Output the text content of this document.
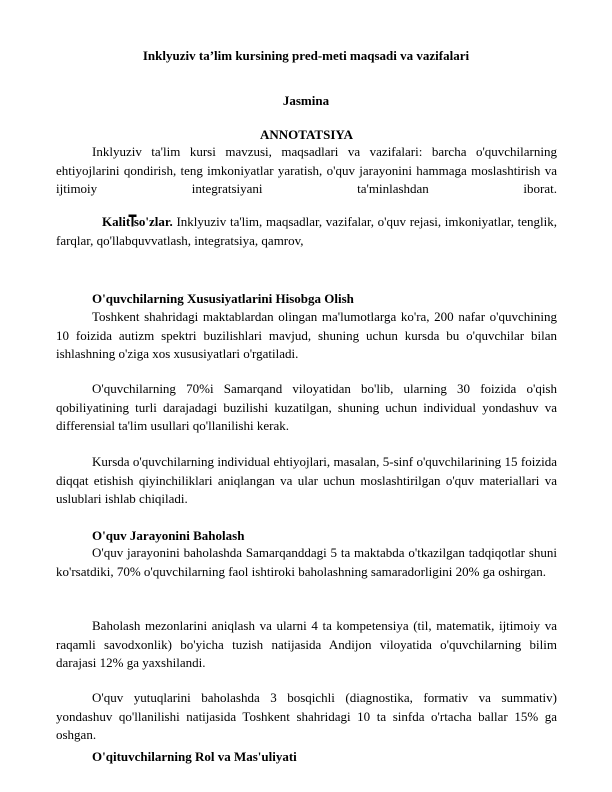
Inklyuziv ta’lim kursining pred-meti maqsadi va vazifalari
Jasmina
ANNOTATSIYA

Inklyuziv ta'lim kursi mavzusi, maqsadlari va vazifalari: barcha o'quvchilarning ehtiyojlarini qondirish, teng imkoniyatlar yaratish, o'quv jarayonini hammaga moslashtirish va ijtimoiy integratsiyani ta'minlashdan iborat.

Kalit so'zlar. Inklyuziv ta'lim, maqsadlar, vazifalar, o'quv rejasi, imkoniyatlar, tenglik, farqlar, qo'llabquvvatlash, integratsiya, qamrov,

O'quvchilarning Xususiyatlarini Hisobga Olish

Toshkent shahridagi maktablardan olingan ma'lumotlarga ko'ra, 200 nafar o'quvchining 10 foizida autizm spektri buzilishlari mavjud, shuning uchun kursda bu o'quvchilar bilan ishlashning o'ziga xos xususiyatlari o'rgatiladi.

O'quvchilarning 70%i Samarqand viloyatidan bo'lib, ularning 30 foizida o'qish qobiliyatining turli darajadagi buzilishi kuzatilgan, shuning uchun individual yondashuv va differensial ta'lim usullari qo'llanilishi kerak.

Kursda o'quvchilarning individual ehtiyojlari, masalan, 5-sinf o'quvchilarining 15 foizida diqqat etishish qiyinchiliklari aniqlangan va ular uchun moslashtirilgan o'quv materiallari va uslublari ishlab chiqiladi.

O'quv Jarayonini Baholash

O'quv jarayonini baholashda Samarqanddagi 5 ta maktabda o'tkazilgan tadqiqotlar shuni ko'rsatdiki, 70% o'quvchilarning faol ishtiroki baholashning samaradorligini 20% ga oshirgan.

Baholash mezonlarini aniqlash va ularni 4 ta kompetensiya (til, matematik, ijtimoiy va raqamli savodxonlik) bo'yicha tuzish natijasida Andijon viloyatida o'quvchilarning bilim darajasi 12% ga yaxshilandi.

O'quv yutuqlarini baholashda 3 bosqichli (diagnostika, formativ va summativ) yondashuv qo'llanilishi natijasida Toshkent shahridagi 10 ta sinfda o'rtacha ballar 15% ga oshgan.

O'qituvchilarning Rol va Mas'uliyati
